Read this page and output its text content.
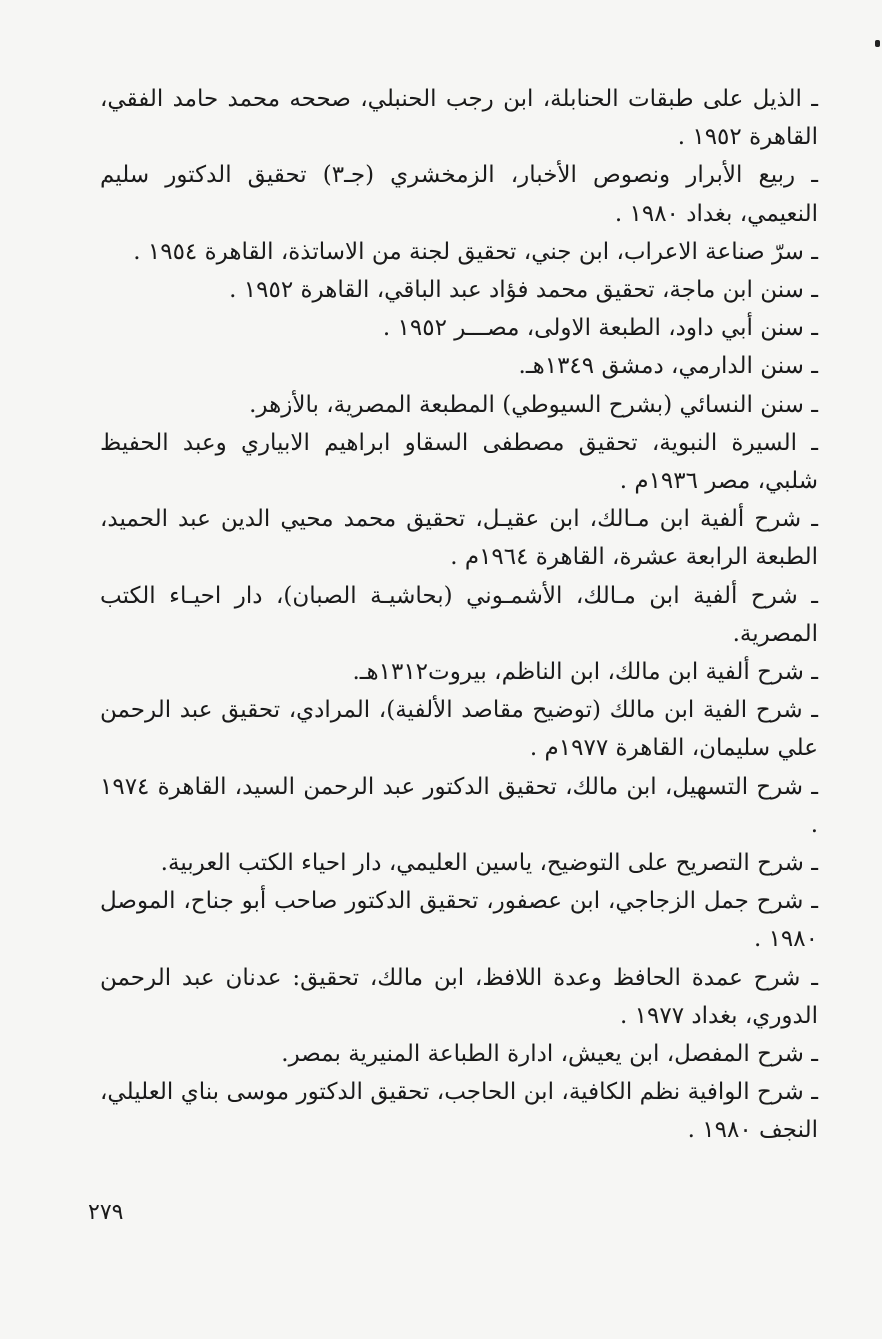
ـ الذيل على طبقات الحنابلة، ابن رجب الحنبلي، صححه محمد حامد الفقي، القاهرة ١٩٥٢ .
ـ ربيع الأبرار ونصوص الأخبار، الزمخشري (جـ٣) تحقيق الدكتور سليم النعيمي، بغداد ١٩٨٠ .
ـ سرّ صناعة الاعراب، ابن جني، تحقيق لجنة من الاساتذة، القاهرة ١٩٥٤ .
ـ سنن ابن ماجة، تحقيق محمد فؤاد عبد الباقي، القاهرة ١٩٥٢ .
ـ سنن أبي داود، الطبعة الاولى، مصـــر ١٩٥٢ .
ـ سنن الدارمي، دمشق ١٣٤٩هـ.
ـ سنن النسائي (بشرح السيوطي) المطبعة المصرية، بالأزهر.
ـ السيرة النبوية، تحقيق مصطفى السقاو ابراهيم الابياري وعبد الحفيظ شلبي، مصر ١٩٣٦م .
ـ شرح ألفية ابن مـالك، ابن عقيـل، تحقيق محمد محيي الدين عبد الحميد، الطبعة الرابعة عشرة، القاهرة ١٩٦٤م .
ـ شرح ألفية ابن مـالك، الأشمـوني (بحاشيـة الصبان)، دار احيـاء الكتب المصرية.
ـ شرح ألفية ابن مالك، ابن الناظم، بيروت١٣١٢هـ.
ـ شرح الفية ابن مالك (توضيح مقاصد الألفية)، المرادي، تحقيق عبد الرحمن علي سليمان، القاهرة ١٩٧٧م .
ـ شرح التسهيل، ابن مالك، تحقيق الدكتور عبد الرحمن السيد، القاهرة ١٩٧٤ .
ـ شرح التصريح على التوضيح، ياسين العليمي، دار احياء الكتب العربية.
ـ شرح جمل الزجاجي، ابن عصفور، تحقيق الدكتور صاحب أبو جناح، الموصل ١٩٨٠ .
ـ شرح عمدة الحافظ وعدة اللافظ، ابن مالك، تحقيق: عدنان عبد الرحمن الدوري، بغداد ١٩٧٧ .
ـ شرح المفصل، ابن يعيش، ادارة الطباعة المنيرية بمصر.
ـ شرح الوافية نظم الكافية، ابن الحاجب، تحقيق الدكتور موسى بناي العليلي، النجف ١٩٨٠ .
٢٧٩
